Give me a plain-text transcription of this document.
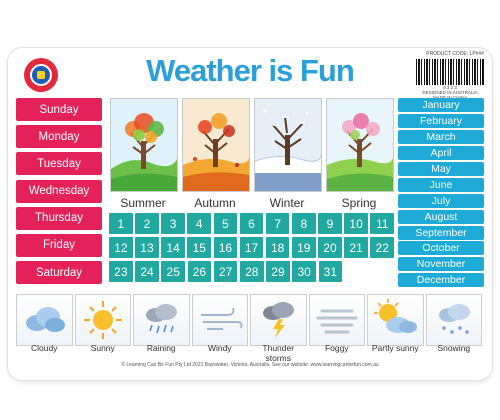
PRODUCT CODE: LP###
9 3 2 3
DESIGNED IN AUSTRALIA
Weather is Fun
Sunday
Monday
Tuesday
Wednesday
Thursday
Friday
Saturday
Summer	Autumn	Winter	Spring
1	2	3	4	5	6	7	8	9	10	11
12	13	14	15	16	17	18	19	20	21	22
23	24	25	26	27	28	29	30	31
January
February
March
April
May
June
July
August
September
October
November
December
Cloudy	Sunny	Raining	Windy	Thunder storms
Foggy	Partly sunny	Snowing
© Learning Can Be Fun Pty Ltd 2021 Bayswater, Victoria, Australia. See our website: www.learningcanbefun.com.au
